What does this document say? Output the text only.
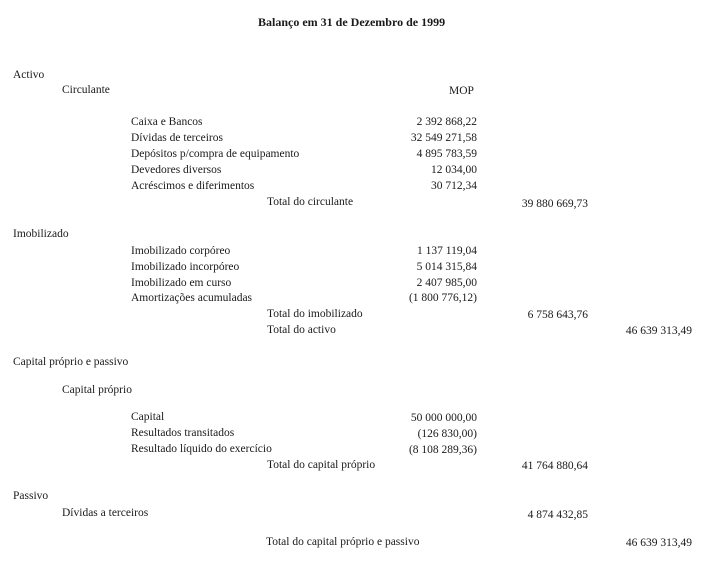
Balanço em 31 de Dezembro de 1999
Activo
Circulante	MOP
Caixa e Bancos	2 392 868,22
Dívidas de terceiros	32 549 271,58
Depósitos p/compra de equipamento	4 895 783,59
Devedores diversos	12 034,00
Acréscimos e diferimentos	30 712,34
Total do circulante	39 880 669,73
Imobilizado
Imobilizado corpóreo	1 137 119,04
Imobilizado incorpóreo	5 014 315,84
Imobilizado em curso	2 407 985,00
Amortizações acumuladas	(1 800 776,12)
Total do imobilizado	6 758 643,76
Total do activo	46 639 313,49
Capital próprio e passivo
Capital próprio
Capital	50 000 000,00
Resultados transitados	(126 830,00)
Resultado líquido do exercício	(8 108 289,36)
Total do capital próprio	41 764 880,64
Passivo
Dívidas a terceiros	4 874 432,85
Total do capital próprio e passivo	46 639 313,49
